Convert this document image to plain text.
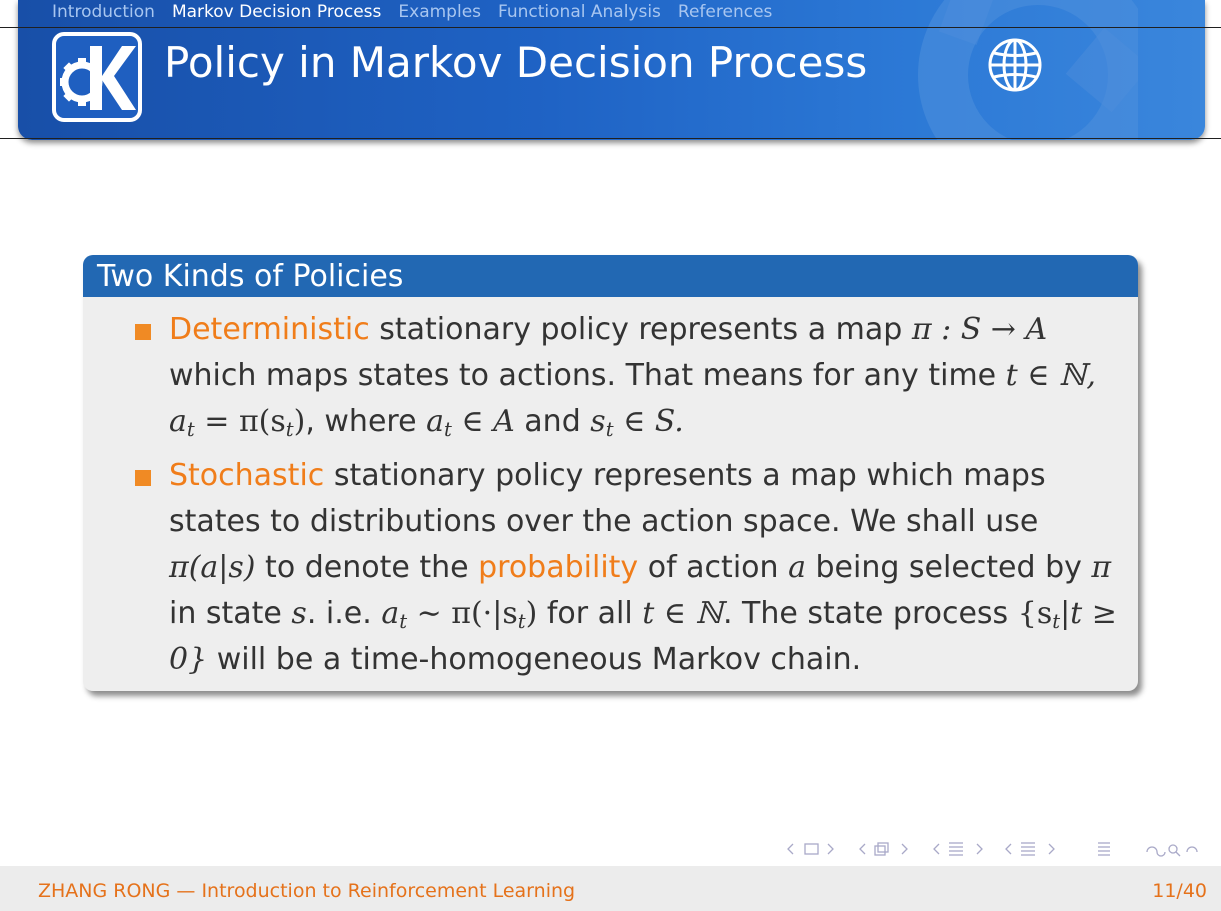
Introduction Markov Decision Process Examples Functional Analysis References
Policy in Markov Decision Process
Two Kinds of Policies
Deterministic stationary policy represents a map π : S → A which maps states to actions. That means for any time t ∈ ℕ,
$a_t = \pi(s_t)$, where $a_t$ ∈ A and $s_t$ ∈ S.
Stochastic stationary policy represents a map which maps states to distributions over the action space. We shall use π(a|s) to denote the probability of action a being selected by π in state s. i.e. $a_t$ ∼ $\pi(\cdot|s_t)$ for all t ∈ ℕ. The state process $\{s_t|t \ge 0\}$ will be a time-homogeneous Markov chain.
ZHANG RONG — Introduction to Reinforcement Learning	11/40
